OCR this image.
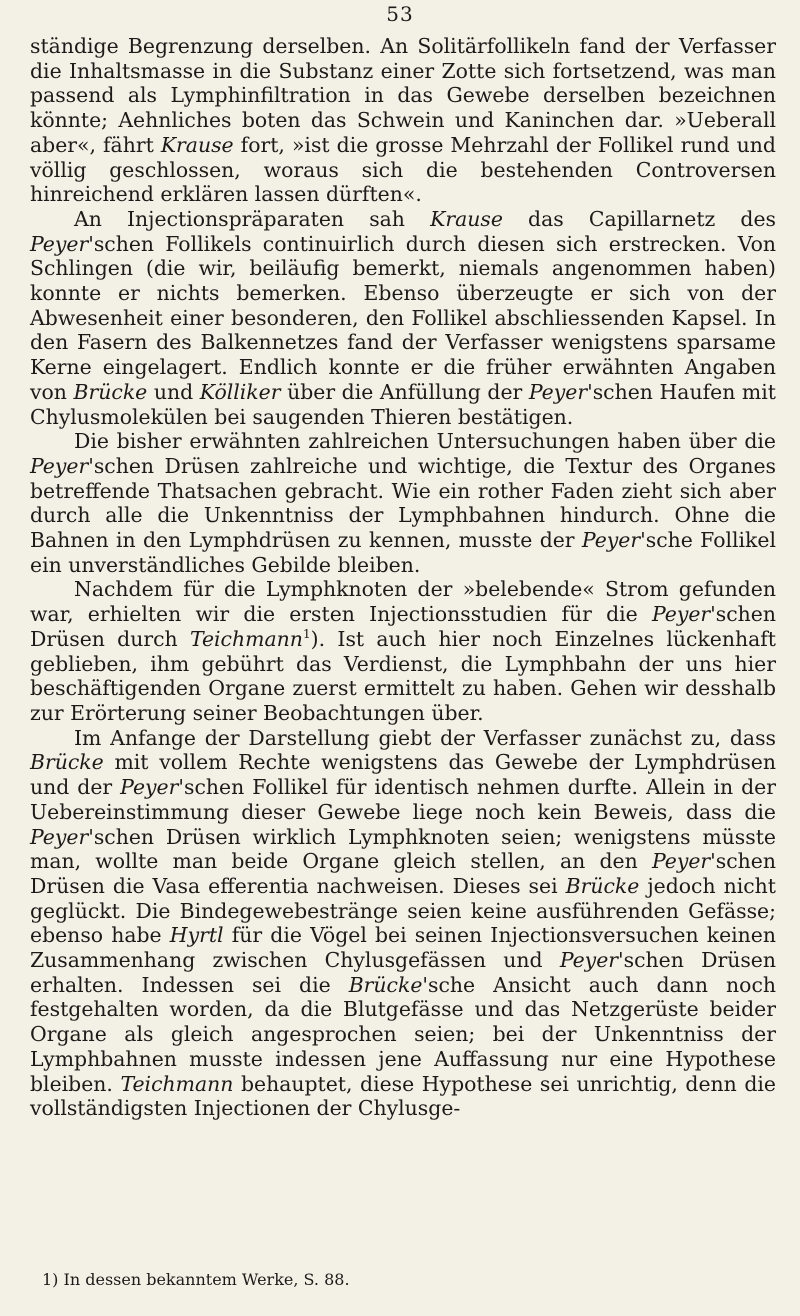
53

ständige Begrenzung derselben. An Solitärfollikeln fand der Verfasser die Inhaltsmasse in die Substanz einer Zotte sich fortsetzend, was man passend als Lymphinfiltration in das Gewebe derselben bezeichnen könnte; Aehnliches boten das Schwein und Kaninchen dar. »Ueberall aber«, fährt Krause fort, »ist die grosse Mehrzahl der Follikel rund und völlig geschlossen, woraus sich die bestehenden Controversen hinreichend erklären lassen dürften«.

An Injectionspräparaten sah Krause das Capillarnetz des Peyer'schen Follikels continuirlich durch diesen sich erstrecken. Von Schlingen (die wir, beiläufig bemerkt, niemals angenommen haben) konnte er nichts bemerken. Ebenso überzeugte er sich von der Abwesenheit einer besonderen, den Follikel abschliessenden Kapsel. In den Fasern des Balkennetzes fand der Verfasser wenigstens sparsame Kerne eingelagert. Endlich konnte er die früher erwähnten Angaben von Brücke und Kölliker über die Anfüllung der Peyer'schen Haufen mit Chylusmolekülen bei saugenden Thieren bestätigen.

Die bisher erwähnten zahlreichen Untersuchungen haben über die Peyer'schen Drüsen zahlreiche und wichtige, die Textur des Organes betreffende Thatsachen gebracht. Wie ein rother Faden zieht sich aber durch alle die Unkenntniss der Lymphbahnen hindurch. Ohne die Bahnen in den Lymphdrüsen zu kennen, musste der Peyer'sche Follikel ein unverständliches Gebilde bleiben.

Nachdem für die Lymphknoten der »belebende« Strom gefunden war, erhielten wir die ersten Injectionsstudien für die Peyer'schen Drüsen durch Teichmann$^1$). Ist auch hier noch Einzelnes lückenhaft geblieben, ihm gebührt das Verdienst, die Lymphbahn der uns hier beschäftigenden Organe zuerst ermittelt zu haben. Gehen wir desshalb zur Erörterung seiner Beobachtungen über.

Im Anfange der Darstellung giebt der Verfasser zunächst zu, dass Brücke mit vollem Rechte wenigstens das Gewebe der Lymphdrüsen und der Peyer'schen Follikel für identisch nehmen durfte. Allein in der Uebereinstimmung dieser Gewebe liege noch kein Beweis, dass die Peyer'schen Drüsen wirklich Lymphknoten seien; wenigstens müsste man, wollte man beide Organe gleich stellen, an den Peyer'schen Drüsen die Vasa efferentia nachweisen. Dieses sei Brücke jedoch nicht geglückt. Die Bindegewebestränge seien keine ausführenden Gefässe; ebenso habe Hyrtl für die Vögel bei seinen Injectionsversuchen keinen Zusammenhang zwischen Chylusgefässen und Peyer'schen Drüsen erhalten. Indessen sei die Brücke'sche Ansicht auch dann noch festgehalten worden, da die Blutgefässe und das Netzgerüste beider Organe als gleich angesprochen seien; bei der Unkenntniss der Lymphbahnen musste indessen jene Auffassung nur eine Hypothese bleiben. Teichmann behauptet, diese Hypothese sei unrichtig, denn die vollständigsten Injectionen der Chylusge-

1) In dessen bekanntem Werke, S. 88.
